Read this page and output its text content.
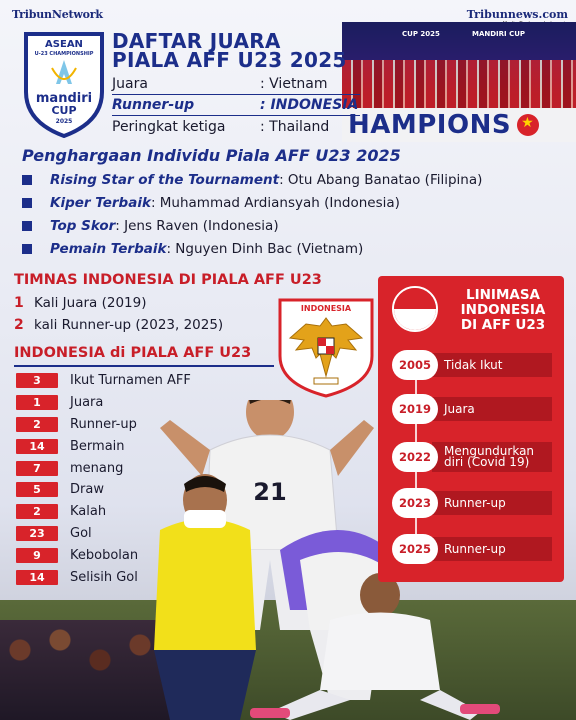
TribunNetwork	Tribunnews.com
ASEAN
U-23 CHAMPIONSHIP
mandiri
CUP
2025
CUP 2025	MANDIRI CUP
HAMPIONS
★
DAFTAR JUARA
PIALA AFF U23 2025
Juara	: Vietnam
Runner-up	: INDONESIA
Peringkat ketiga	: Thailand
Penghargaan Individu Piala AFF U23 2025
Rising Star of the Tournament: Otu Abang Banatao (Filipina)
Kiper Terbaik: Muhammad Ardiansyah (Indonesia)
Top Skor: Jens Raven (Indonesia)
Pemain Terbaik: Nguyen Dinh Bac (Vietnam)
TIMNAS INDONESIA DI PIALA AFF U23
1 Kali Juara (2019)
2 kali Runner-up (2023, 2025)
INDONESIA
INDONESIA di PIALA AFF U23
3	Ikut Turnamen AFF
1	Juara
2	Runner-up
14	Bermain
7	menang
5	Draw
2	Kalah
23	Gol
9	Kebobolan
14	Selisih Gol
21
LINIMASA
INDONESIA
DI AFF U23
2005	Tidak Ikut
2019	Juara
2022	Mengundurkan diri (Covid 19)
2023	Runner-up
2025	Runner-up
